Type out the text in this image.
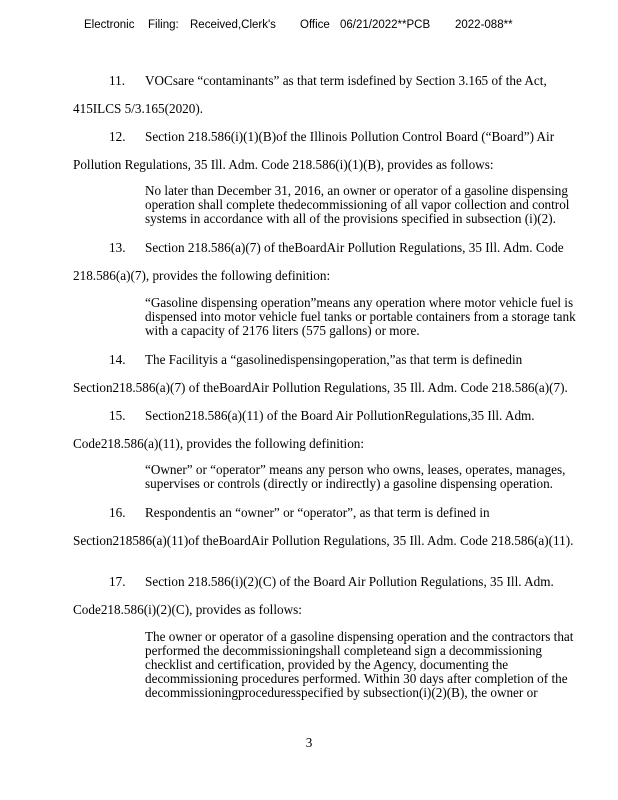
Electronic Filing: Received,Clerk's Office 06/21/2022**PCB 2022-088**
11. VOCsare “contaminants” as that term isdefined by Section 3.165 of the Act,
415ILCS 5/3.165(2020).
12. Section 218.586(i)(1)(B)of the Illinois Pollution Control Board (“Board”) Air
Pollution Regulations, 35 Ill. Adm. Code 218.586(i)(1)(B), provides as follows:
No later than December 31, 2016, an owner or operator of a gasoline dispensing operation shall complete thedecommissioning of all vapor collection and control systems in accordance with all of the provisions specified in subsection (i)(2).
13. Section 218.586(a)(7) of theBoardAir Pollution Regulations, 35 Ill. Adm. Code
218.586(a)(7), provides the following definition:
“Gasoline dispensing operation”means any operation where motor vehicle fuel is dispensed into motor vehicle fuel tanks or portable containers from a storage tank with a capacity of 2176 liters (575 gallons) or more.
14. The Facilityis a “gasolinedispensingoperation,”as that term is definedin
Section218.586(a)(7) of theBoardAir Pollution Regulations, 35 Ill. Adm. Code 218.586(a)(7).
15. Section218.586(a)(11) of the Board Air PollutionRegulations,35 Ill. Adm.
Code218.586(a)(11), provides the following definition:
“Owner” or “operator” means any person who owns, leases, operates, manages, supervises or controls (directly or indirectly) a gasoline dispensing operation.
16. Respondentis an “owner” or “operator”, as that term is defined in
Section218586(a)(11)of theBoardAir Pollution Regulations, 35 Ill. Adm. Code 218.586(a)(11).
17. Section 218.586(i)(2)(C) of the Board Air Pollution Regulations, 35 Ill. Adm.
Code218.586(i)(2)(C), provides as follows:
The owner or operator of a gasoline dispensing operation and the contractors that performed the decommissioningshall completeand sign a decommissioning checklist and certification, provided by the Agency, documenting the decommissioning procedures performed. Within 30 days after completion of the decommissioningproceduresspecified by subsection(i)(2)(B), the owner or
3
